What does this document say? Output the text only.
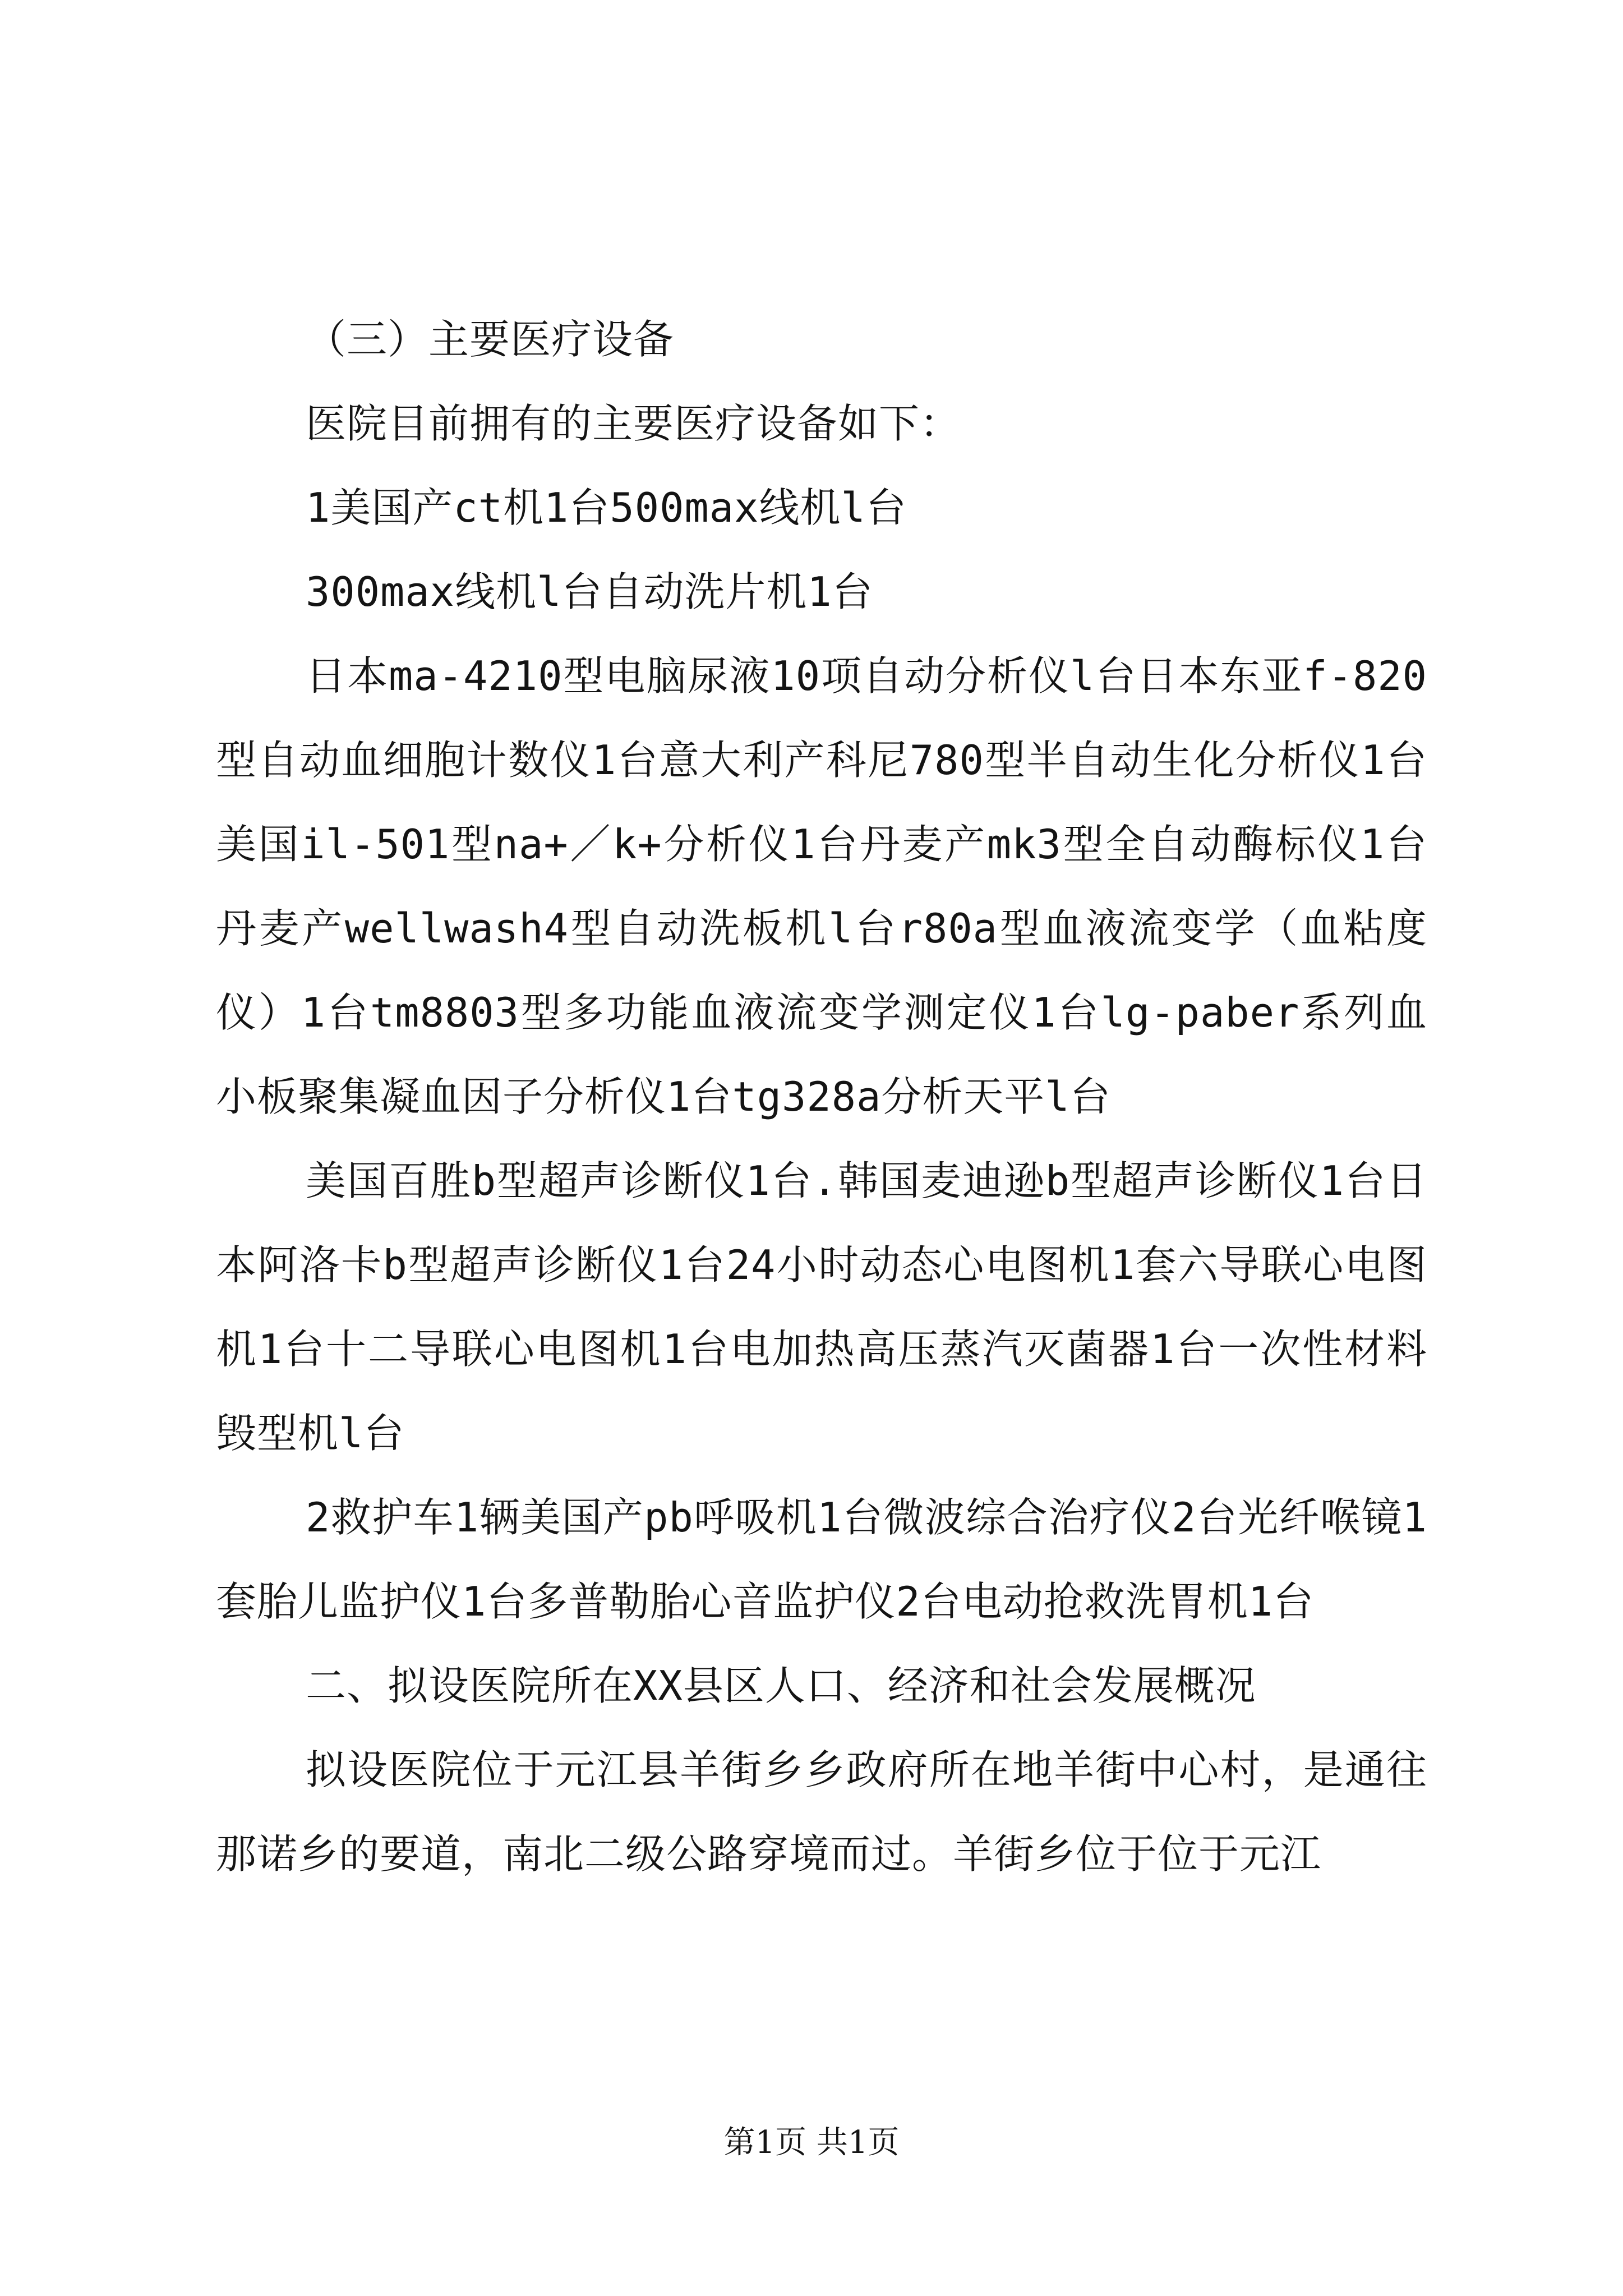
（三）主要医疗设备

医院目前拥有的主要医疗设备如下：

1美国产ct机1台500max线机l台

300max线机l台自动洗片机1台

日本ma-4210型电脑尿液10项自动分析仪l台日本东亚f-820型自动血细胞计数仪1台意大利产科尼780型半自动生化分析仪1台美国il-501型na+／k+分析仪1台丹麦产mk3型全自动酶标仪1台丹麦产wellwash4型自动洗板机l台r80a型血液流变学（血粘度仪）1台tm8803型多功能血液流变学测定仪1台lg-paber系列血小板聚集凝血因子分析仪1台tg328a分析天平l台

美国百胜b型超声诊断仪1台.韩国麦迪逊b型超声诊断仪1台日本阿洛卡b型超声诊断仪1台24小时动态心电图机1套六导联心电图机1台十二导联心电图机1台电加热高压蒸汽灭菌器1台一次性材料毁型机l台

2救护车1辆美国产pb呼吸机1台微波综合治疗仪2台光纤喉镜1套胎儿监护仪1台多普勒胎心音监护仪2台电动抢救洗胃机1台

二、拟设医院所在XX县区人口、经济和社会发展概况

拟设医院位于元江县羊街乡乡政府所在地羊街中心村，是通往那诺乡的要道，南北二级公路穿境而过。羊街乡位于位于元江

第1页 共1页
